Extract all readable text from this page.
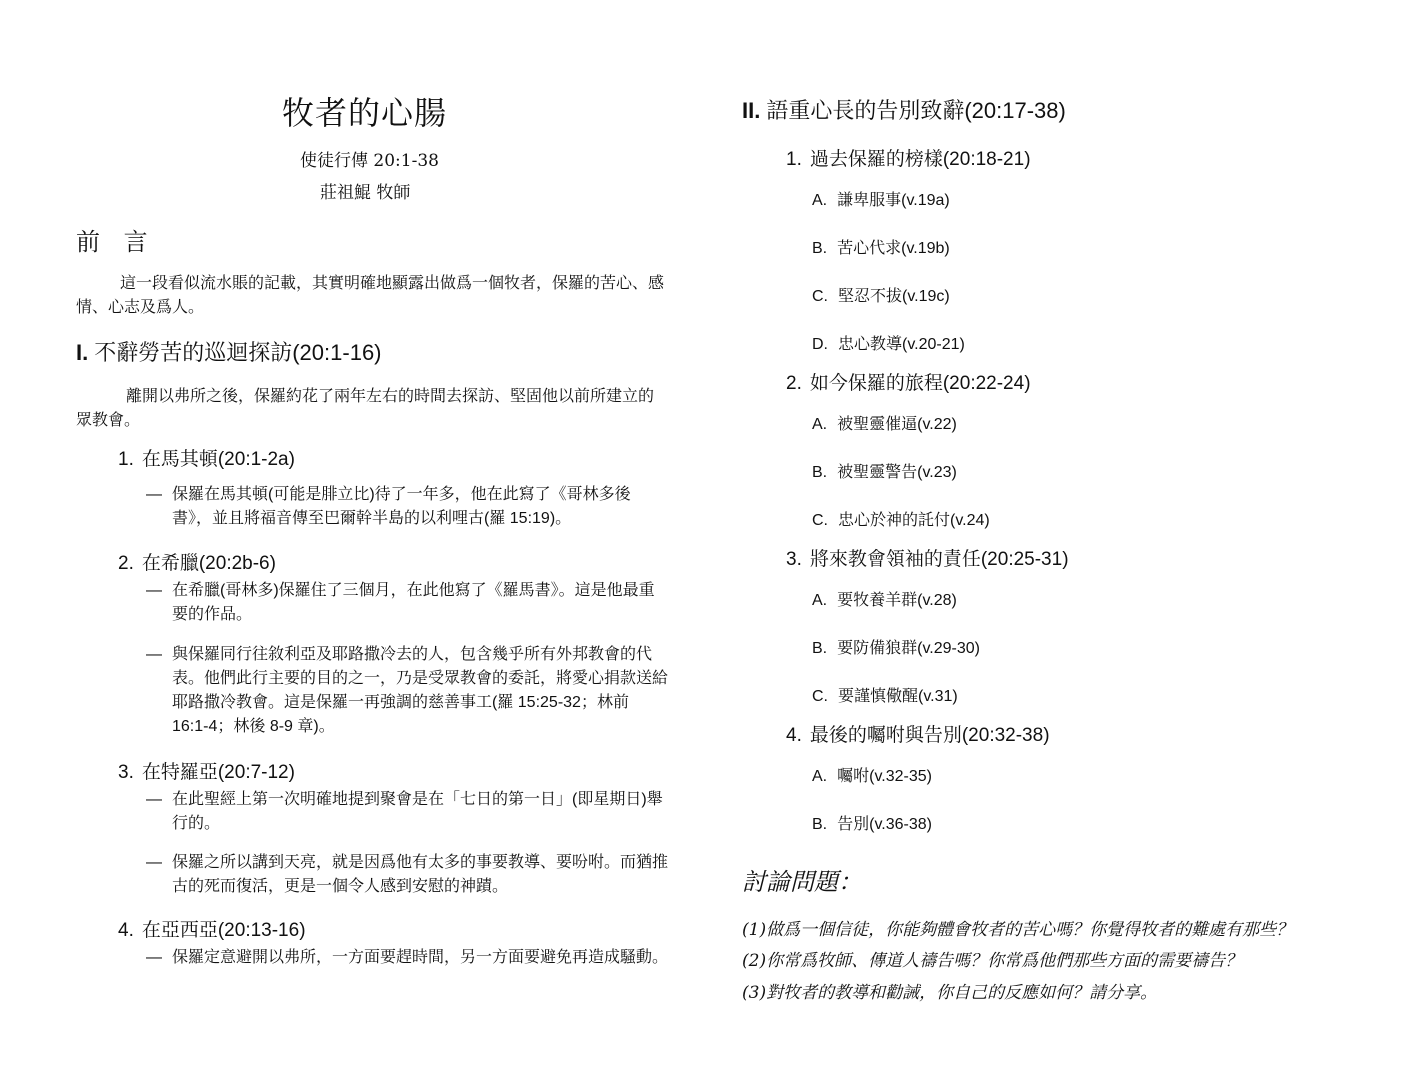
牧者的心腸
使徒行傳 20:1-38
莊祖鯤 牧師
前 言
這一段看似流水賬的記載，其實明確地顯露出做爲一個牧者，保羅的苦心、感情、心志及爲人。
I. 不辭勞苦的巡迴探訪(20:1-16)
離開以弗所之後，保羅約花了兩年左右的時間去探訪、堅固他以前所建立的眾教會。
1. 在馬其頓(20:1-2a)
— 保羅在馬其頓(可能是腓立比)待了一年多，他在此寫了《哥林多後書》，並且將福音傳至巴爾幹半島的以利哩古(羅 15:19)。
2. 在希臘(20:2b-6)
— 在希臘(哥林多)保羅住了三個月，在此他寫了《羅馬書》。這是他最重要的作品。
— 與保羅同行往敘利亞及耶路撒冷去的人，包含幾乎所有外邦教會的代表。他們此行主要的目的之一，乃是受眾教會的委託，將愛心捐款送給耶路撒冷教會。這是保羅一再強調的慈善事工(羅 15:25-32；林前 16:1-4；林後 8-9 章)。
3. 在特羅亞(20:7-12)
— 在此聖經上第一次明確地提到聚會是在「七日的第一日」(即星期日)舉行的。
— 保羅之所以講到天亮，就是因爲他有太多的事要教導、要吩咐。而猶推古的死而復活，更是一個令人感到安慰的神蹟。
4. 在亞西亞(20:13-16)
— 保羅定意避開以弗所，一方面要趕時間，另一方面要避免再造成騷動。
II. 語重心長的告別致辭(20:17-38)
1. 過去保羅的榜樣(20:18-21)
A. 謙卑服事(v.19a)
B. 苦心代求(v.19b)
C. 堅忍不拔(v.19c)
D. 忠心教導(v.20-21)
2. 如今保羅的旅程(20:22-24)
A. 被聖靈催逼(v.22)
B. 被聖靈警告(v.23)
C. 忠心於神的託付(v.24)
3. 將來教會領袖的責任(20:25-31)
A. 要牧養羊群(v.28)
B. 要防備狼群(v.29-30)
C. 要謹慎儆醒(v.31)
4. 最後的囑咐與告別(20:32-38)
A. 囑咐(v.32-35)
B. 告別(v.36-38)
討論問題：
(1)做爲一個信徒，你能夠體會牧者的苦心嗎？你覺得牧者的難處有那些？
(2)你常爲牧師、傳道人禱告嗎？你常爲他們那些方面的需要禱告？
(3)對牧者的教導和勸誡，你自己的反應如何？請分享。
